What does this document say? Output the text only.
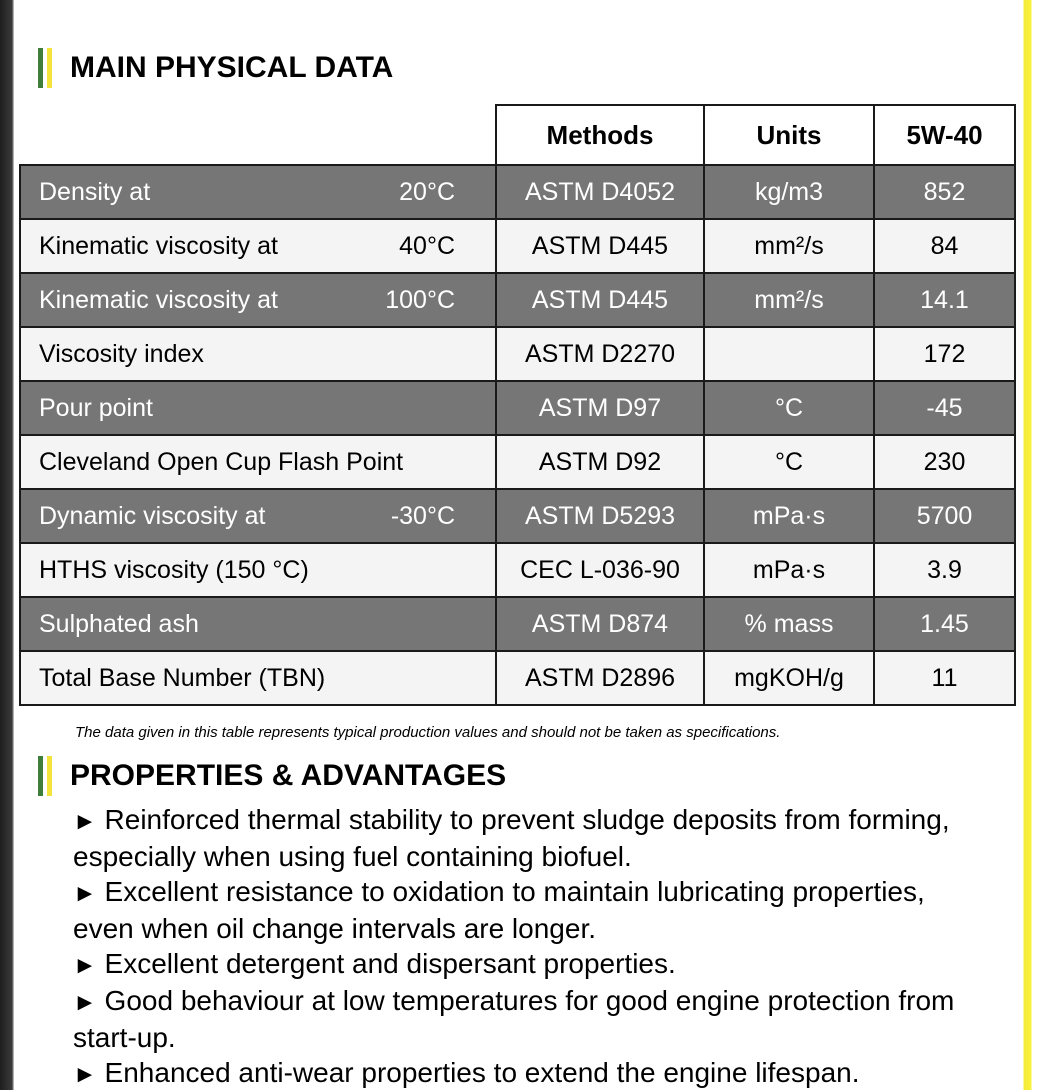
MAIN PHYSICAL DATA
	Methods	Units	5W-40

Density at 20°C	ASTM D4052	kg/m3	852

Kinematic viscosity at 40°C	ASTM D445	mm²/s	84

Kinematic viscosity at 100°C	ASTM D445	mm²/s	14.1

Viscosity index	ASTM D2270		172

Pour point	ASTM D97	°C	-45

Cleveland Open Cup Flash Point	ASTM D92	°C	230

Dynamic viscosity at -30°C	ASTM D5293	mPa·s	5700

HTHS viscosity (150 °C)	CEC L-036-90	mPa·s	3.9

Sulphated ash	ASTM D874	% mass	1.45

Total Base Number (TBN)	ASTM D2896	mgKOH/g	11
The data given in this table represents typical production values and should not be taken as specifications.
PROPERTIES & ADVANTAGES
► Reinforced thermal stability to prevent sludge deposits from forming, especially when using fuel containing biofuel.
► Excellent resistance to oxidation to maintain lubricating properties, even when oil change intervals are longer.
► Excellent detergent and dispersant properties.
► Good behaviour at low temperatures for good engine protection from start-up.
► Enhanced anti-wear properties to extend the engine lifespan.
